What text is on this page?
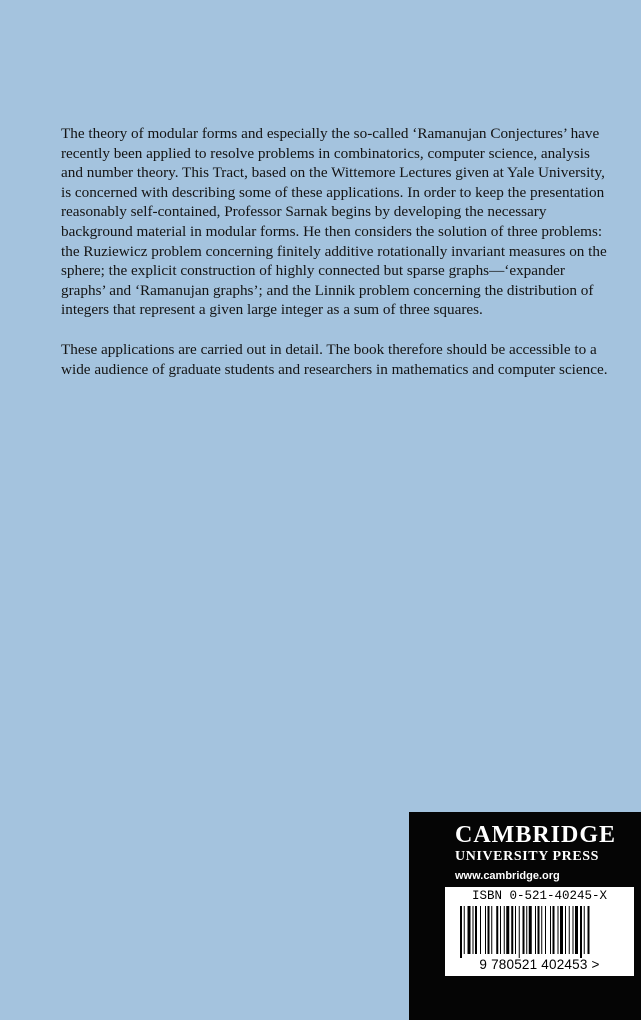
The theory of modular forms and especially the so-called ‘Ramanujan Conjectures’ have recently been applied to resolve problems in combinatorics, computer science, analysis and number theory. This Tract, based on the Wittemore Lectures given at Yale University, is concerned with describing some of these applications. In order to keep the presentation reasonably self-contained, Professor Sarnak begins by developing the necessary background material in modular forms. He then considers the solution of three problems: the Ruziewicz problem concerning finitely additive rotationally invariant measures on the sphere; the explicit construction of highly connected but sparse graphs—‘expander graphs’ and ‘Ramanujan graphs’; and the Linnik problem concerning the distribution of integers that represent a given large integer as a sum of three squares.

These applications are carried out in detail. The book therefore should be accessible to a wide audience of graduate students and researchers in mathematics and computer science.

CAMBRIDGE
UNIVERSITY PRESS
www.cambridge.org
ISBN 0-521-40245-X
9 780521 402453 >
